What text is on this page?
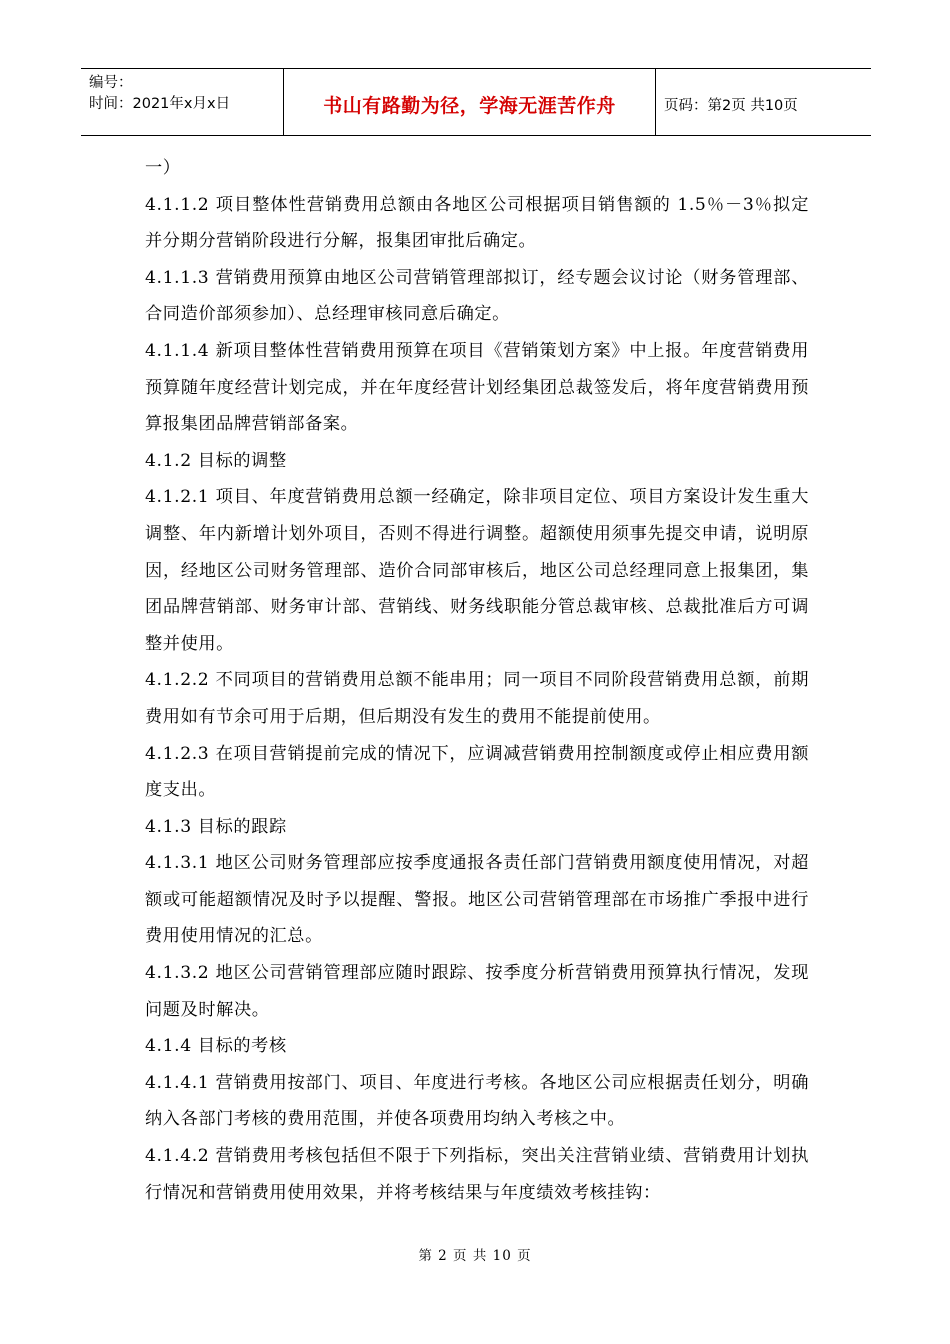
编号：
时间：2021年x月x日	书山有路勤为径，学海无涯苦作舟	页码：第2页 共10页

一）

4.1.1.2 项目整体性营销费用总额由各地区公司根据项目销售额的 1.5％－3％拟定并分期分营销阶段进行分解，报集团审批后确定。

4.1.1.3 营销费用预算由地区公司营销管理部拟订，经专题会议讨论（财务管理部、合同造价部须参加）、总经理审核同意后确定。

4.1.1.4 新项目整体性营销费用预算在项目《营销策划方案》中上报。年度营销费用预算随年度经营计划完成，并在年度经营计划经集团总裁签发后，将年度营销费用预算报集团品牌营销部备案。

4.1.2 目标的调整

4.1.2.1 项目、年度营销费用总额一经确定，除非项目定位、项目方案设计发生重大调整、年内新增计划外项目，否则不得进行调整。超额使用须事先提交申请，说明原因，经地区公司财务管理部、造价合同部审核后，地区公司总经理同意上报集团，集团品牌营销部、财务审计部、营销线、财务线职能分管总裁审核、总裁批准后方可调整并使用。

4.1.2.2 不同项目的营销费用总额不能串用；同一项目不同阶段营销费用总额，前期费用如有节余可用于后期，但后期没有发生的费用不能提前使用。

4.1.2.3 在项目营销提前完成的情况下，应调减营销费用控制额度或停止相应费用额度支出。

4.1.3 目标的跟踪

4.1.3.1 地区公司财务管理部应按季度通报各责任部门营销费用额度使用情况，对超额或可能超额情况及时予以提醒、警报。地区公司营销管理部在市场推广季报中进行费用使用情况的汇总。

4.1.3.2 地区公司营销管理部应随时跟踪、按季度分析营销费用预算执行情况，发现问题及时解决。

4.1.4 目标的考核

4.1.4.1 营销费用按部门、项目、年度进行考核。各地区公司应根据责任划分，明确纳入各部门考核的费用范围，并使各项费用均纳入考核之中。

4.1.4.2 营销费用考核包括但不限于下列指标，突出关注营销业绩、营销费用计划执行情况和营销费用使用效果，并将考核结果与年度绩效考核挂钩：

第 2 页 共 10 页
